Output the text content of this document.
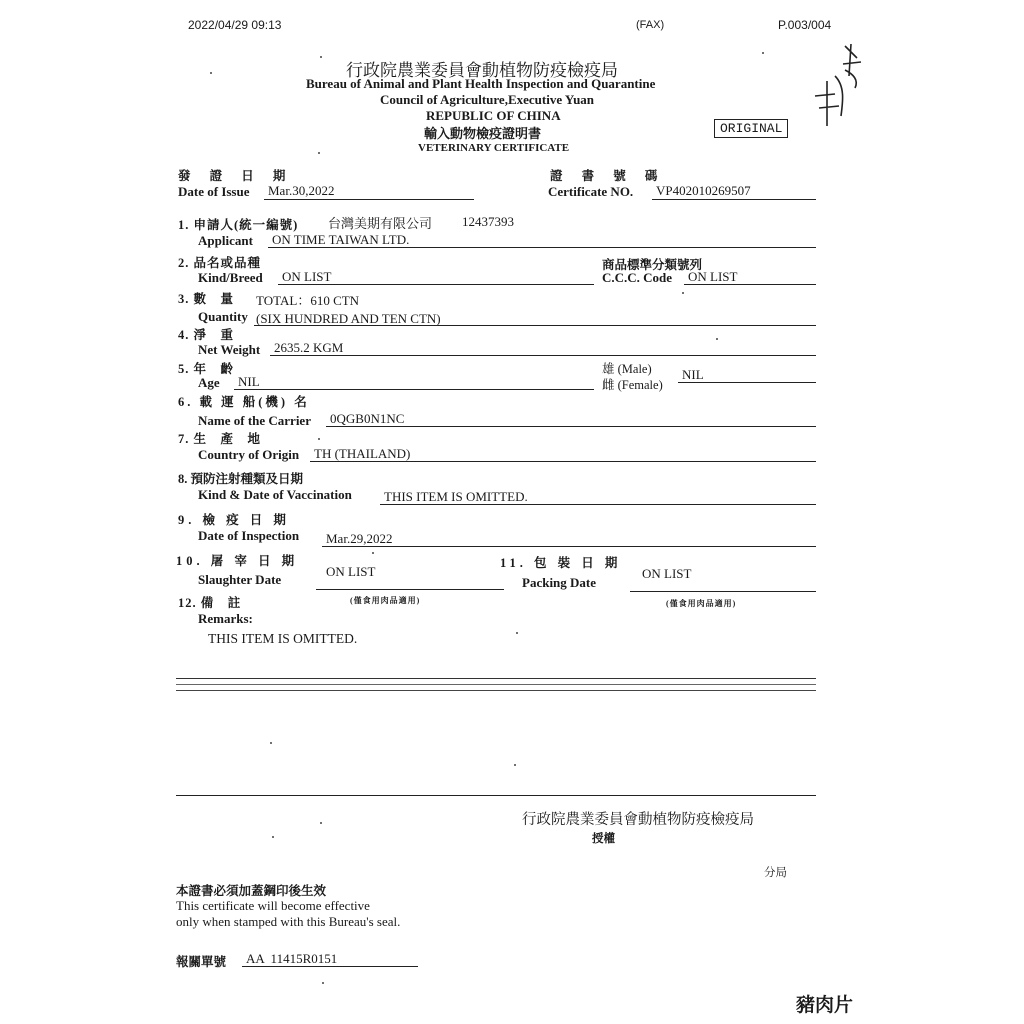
2022/04/29 09:13	(FAX)	P.003/004
行政院農業委員會動植物防疫檢疫局
Bureau of Animal and Plant Health Inspection and Quarantine
Council of Agriculture,Executive Yuan
REPUBLIC OF CHINA
輸入動物檢疫證明書
VETERINARY CERTIFICATE
ORIGINAL
發 證 日 期
Date of Issue Mar.30,2022
證 書 號 碼
Certificate NO. VP402010269507
1. 申請人(統一編號) 台灣美期有限公司 12437393
Applicant ON TIME TAIWAN LTD.
2. 品名或品種
Kind/Breed ON LIST
商品標準分類號列
C.C.C. Code ON LIST
3. 數　量 TOTAL：610 CTN
Quantity (SIX HUNDRED AND TEN CTN)
4. 淨　重
Net Weight 2635.2 KGM
5. 年　齡
Age NIL
雄 (Male)
雌 (Female)
NIL
6. 載 運 船(機) 名
Name of the Carrier 0QGB0N1NC
7. 生　產　地
Country of Origin TH (THAILAND)
8. 預防注射種類及日期
Kind & Date of Vaccination THIS ITEM IS OMITTED.
9. 檢 疫 日 期
Date of Inspection Mar.29,2022
10. 屠 宰 日 期
Slaughter Date
ON LIST
(僅食用肉品適用)
11. 包 裝 日 期
Packing Date
ON LIST
(僅食用肉品適用)
12. 備　註
Remarks:
THIS ITEM IS OMITTED.
行政院農業委員會動植物防疫檢疫局
授權
分局
本證書必須加蓋鋼印後生效
This certificate will become effective
only when stamped with this Bureau's seal.
報關單號 AA  11415R0151
豬肉片
